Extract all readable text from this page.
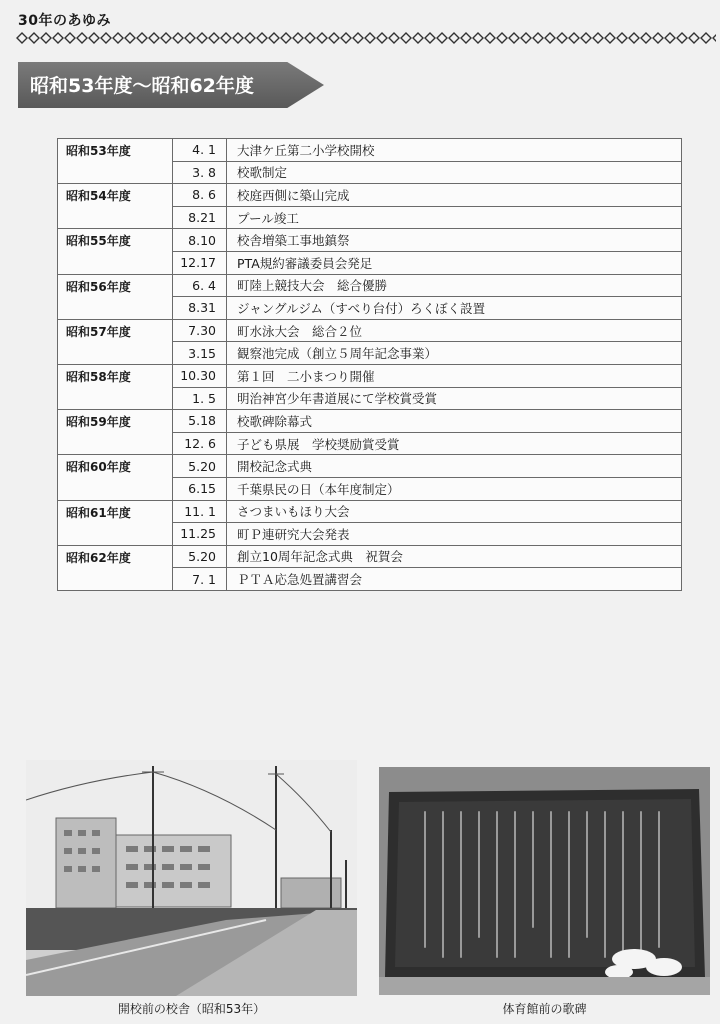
30年のあゆみ
昭和53年度～昭和62年度
昭和53年度	4. 1	大津ケ丘第二小学校開校
	3. 8	校歌制定
昭和54年度	8. 6	校庭西側に築山完成
	8.21	プール竣工
昭和55年度	8.10	校舎増築工事地鎮祭
	12.17	PTA規約審議委員会発足
昭和56年度	6. 4	町陸上競技大会　総合優勝
	8.31	ジャングルジム（すべり台付）ろくぼく設置
昭和57年度	7.30	町水泳大会　総合２位
	3.15	観察池完成（創立５周年記念事業）
昭和58年度	10.30	第１回　二小まつり開催
	1. 5	明治神宮少年書道展にて学校賞受賞
昭和59年度	5.18	校歌碑除幕式
	12. 6	子ども県展　学校奨励賞受賞
昭和60年度	5.20	開校記念式典
	6.15	千葉県民の日（本年度制定）
昭和61年度	11. 1	さつまいもほり大会
	11.25	町Ｐ連研究大会発表
昭和62年度	5.20	創立10周年記念式典　祝賀会
	7. 1	ＰＴＡ応急処置講習会
開校前の校舎（昭和53年）	体育館前の歌碑
